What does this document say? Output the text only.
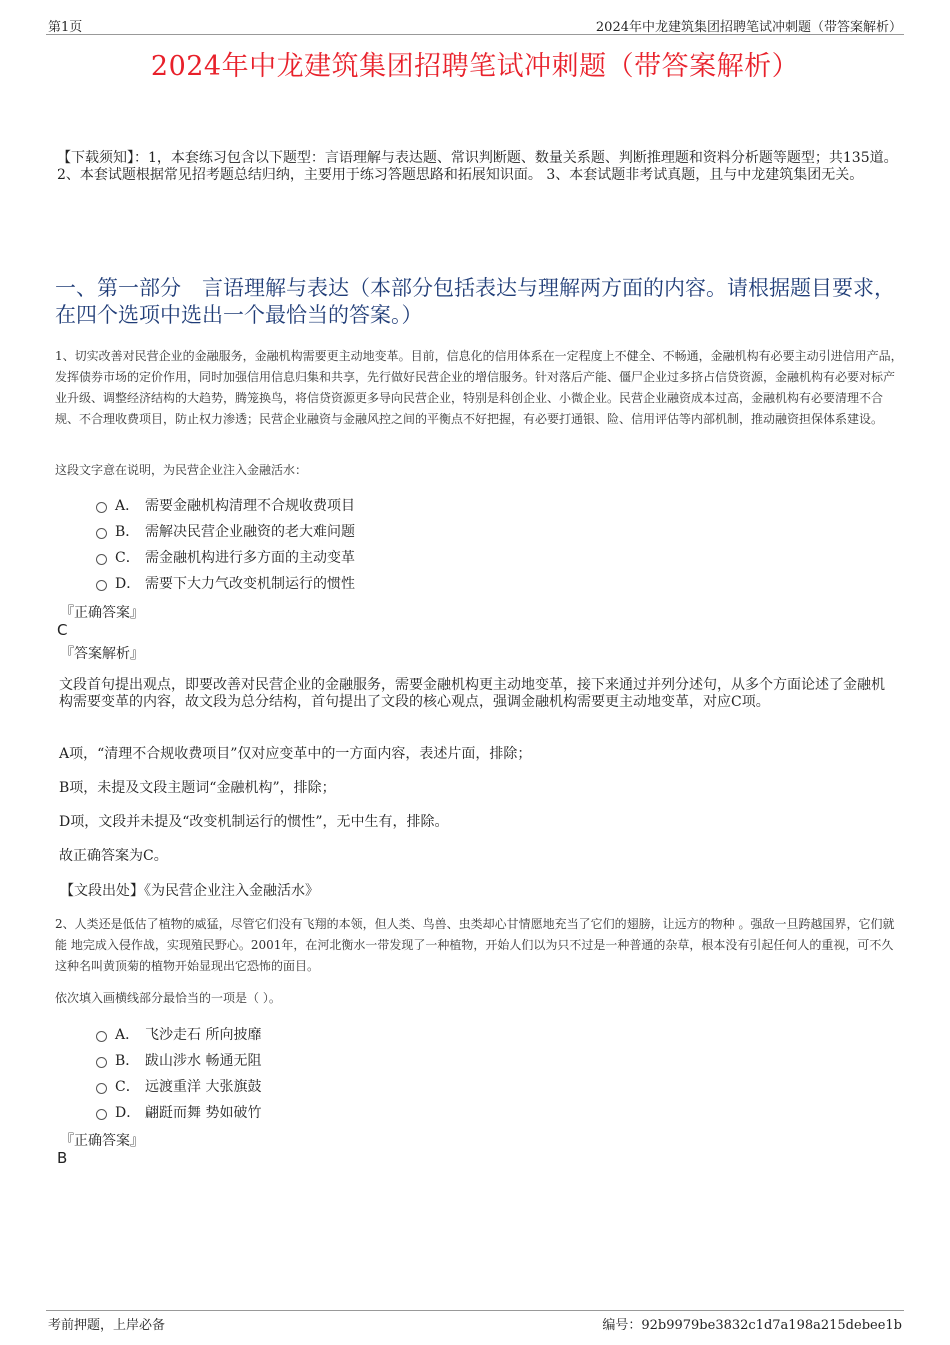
第1页	2024年中龙建筑集团招聘笔试冲刺题（带答案解析）
2024年中龙建筑集团招聘笔试冲刺题（带答案解析）
【下载须知】：1，本套练习包含以下题型：言语理解与表达题、常识判断题、数量关系题、判断推理题和资料分析题等题型；共135道。 2、本套试题根据常见招考题总结归纳，主要用于练习答题思路和拓展知识面。 3、本套试题非考试真题，且与中龙建筑集团无关。
一、第一部分　言语理解与表达（本部分包括表达与理解两方面的内容。请根据题目要求，在四个选项中选出一个最恰当的答案。）
1、切实改善对民营企业的金融服务，金融机构需要更主动地变革。目前，信息化的信用体系在一定程度上不健全、不畅通，金融机构有必要主动引进信用产品，发挥债券市场的定价作用，同时加强信用信息归集和共享，先行做好民营企业的增信服务。针对落后产能、僵尸企业过多挤占信贷资源，金融机构有必要对标产业升级、调整经济结构的大趋势，腾笼换鸟，将信贷资源更多导向民营企业，特别是科创企业、小微企业。民营企业融资成本过高，金融机构有必要清理不合规、不合理收费项目，防止权力渗透；民营企业融资与金融风控之间的平衡点不好把握，有必要打通银、险、信用评估等内部机制，推动融资担保体系建设。
这段文字意在说明，为民营企业注入金融活水：
A． 需要金融机构清理不合规收费项目
B． 需解决民营企业融资的老大难问题
C． 需金融机构进行多方面的主动变革
D． 需要下大力气改变机制运行的惯性
『正确答案』
C
『答案解析』
文段首句提出观点，即要改善对民营企业的金融服务，需要金融机构更主动地变革，接下来通过并列分述句，从多个方面论述了金融机构需要变革的内容，故文段为总分结构，首句提出了文段的核心观点，强调金融机构需要更主动地变革，对应C项。
A项，“清理不合规收费项目”仅对应变革中的一方面内容，表述片面，排除；
B项，未提及文段主题词“金融机构”，排除；
D项，文段并未提及“改变机制运行的惯性”，无中生有，排除。
故正确答案为C。
【文段出处】《为民营企业注入金融活水》
2、人类还是低估了植物的威猛，尽管它们没有飞翔的本领，但人类、鸟兽、虫类却心甘情愿地充当了它们的翅膀，让远方的物种 。强敌一旦跨越国界，它们就能 地完成入侵作战，实现殖民野心。2001年，在河北衡水一带发现了一种植物，开始人们以为只不过是一种普通的杂草，根本没有引起任何人的重视，可不久这种名叫黄顶菊的植物开始显现出它恐怖的面目。
依次填入画横线部分最恰当的一项是（ ）。
A． 飞沙走石 所向披靡
B． 跋山涉水 畅通无阻
C． 远渡重洋 大张旗鼓
D． 翩跹而舞 势如破竹
『正确答案』
B
考前押题，上岸必备	编号：92b9979be3832c1d7a198a215debee1b
